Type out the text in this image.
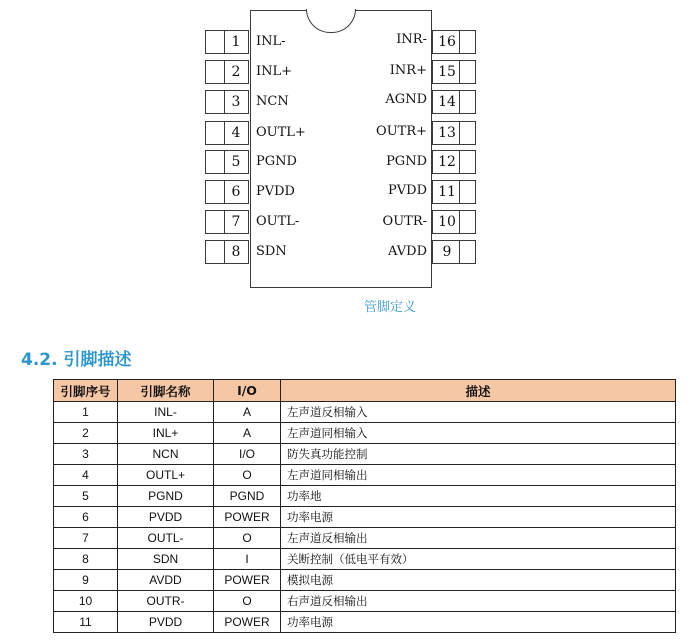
1
2
3
4
5
6
7
8
16
15
14
13
12
11
10
9
INL-
INL+
NCN
OUTL+
PGND
PVDD
OUTL-
SDN
INR-
INR+
AGND
OUTR+
PGND
PVDD
OUTR-
AVDD
管脚定义
4.2. 引脚描述
引脚序号	引脚名称	I/O	描述
1	INL-	A	左声道反相输入
2	INL+	A	左声道同相输入
3	NCN	I/O	防失真功能控制
4	OUTL+	O	左声道同相输出
5	PGND	PGND	功率地
6	PVDD	POWER	功率电源
7	OUTL-	O	左声道反相输出
8	SDN	I	关断控制（低电平有效）
9	AVDD	POWER	模拟电源
10	OUTR-	O	右声道反相输出
11	PVDD	POWER	功率电源
